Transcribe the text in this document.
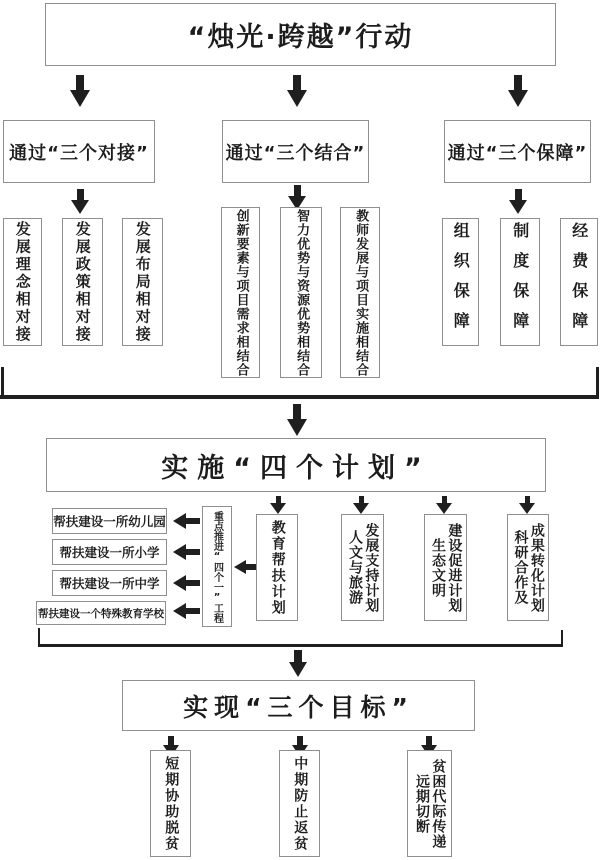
“烛光·跨越”行动
通过“三个对接”	通过“三个结合”	通过“三个保障”
发展理念相对接	发展政策相对接	发展布局相对接	创新要素与项目需求相结合	智力优势与资源优势相结合	教师发展与项目实施相结合	组织保障	制度保障	经费保障
实施“四个计划”
教育帮扶计划	人文与旅游 发展支持计划	生态文明 建设促进计划	科研合作及 成果转化计划
重点推进“四个一”工程
帮扶建设一所幼儿园
帮扶建设一所小学
帮扶建设一所中学
帮扶建设一个特殊教育学校
实现“三个目标”
短期协助脱贫	中期防止返贫	远期切断 贫困代际传递
